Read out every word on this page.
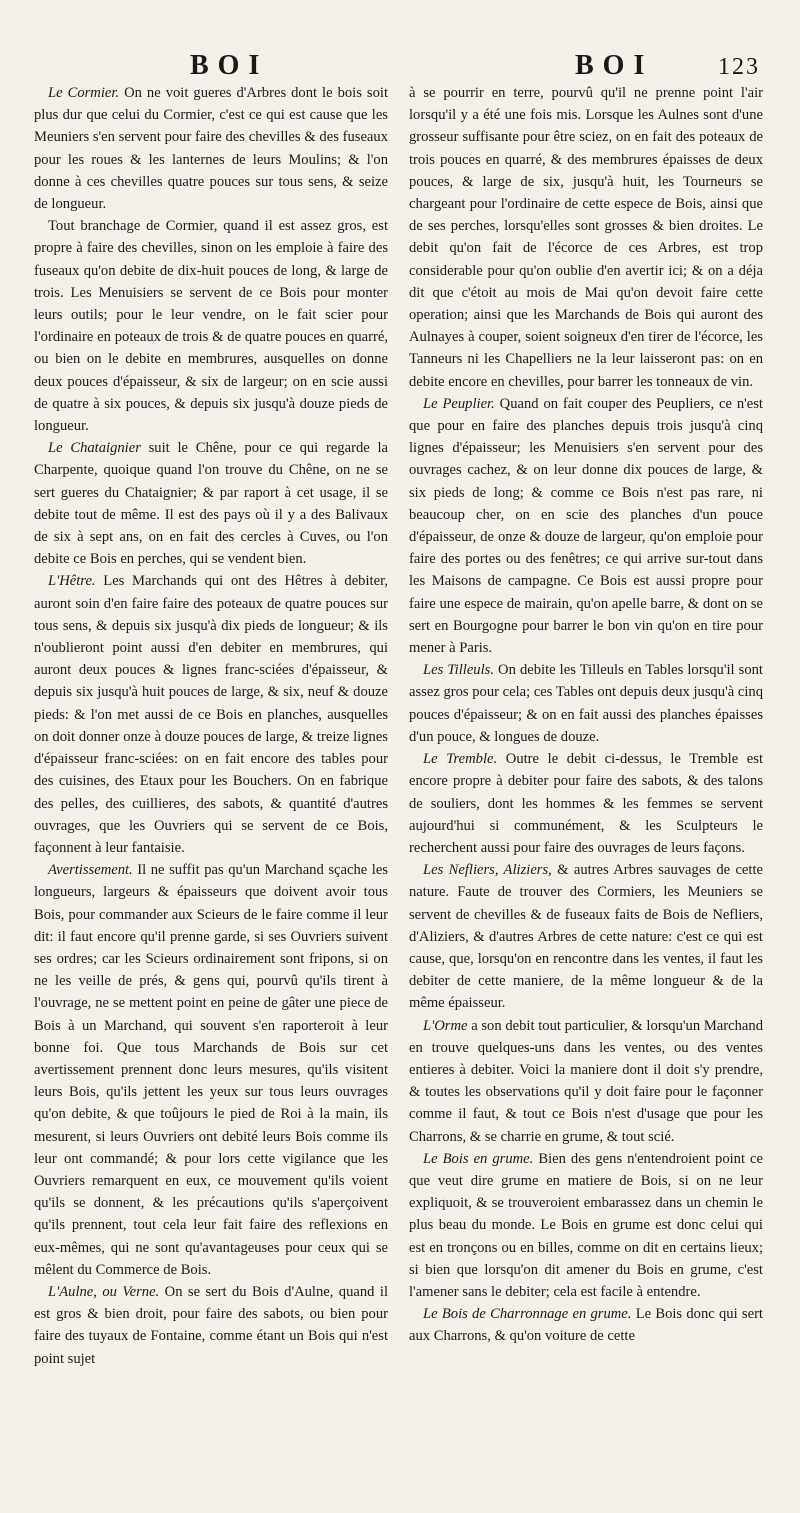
BOI	BOI	123

Le Cormier. On ne voit gueres d'Arbres dont le bois soit plus dur que celui du Cormier, c'est ce qui est cause que les Meuniers s'en servent pour faire des chevilles & des fuseaux pour les roues & les lanternes de leurs Moulins; & l'on donne à ces chevilles quatre pouces sur tous sens, & seize de longueur.

Tout branchage de Cormier, quand il est assez gros, est propre à faire des chevilles, sinon on les emploie à faire des fuseaux qu'on debite de dix-huit pouces de long, & large de trois. Les Menuisiers se servent de ce Bois pour monter leurs outils; pour le leur vendre, on le fait scier pour l'ordinaire en poteaux de trois & de quatre pouces en quarré, ou bien on le debite en membrures, ausquelles on donne deux pouces d'épaisseur, & six de largeur; on en scie aussi de quatre à six pouces, & depuis six jusqu'à douze pieds de longueur.

Le Chataignier suit le Chêne, pour ce qui regarde la Charpente, quoique quand l'on trouve du Chêne, on ne se sert gueres du Chataignier; & par raport à cet usage, il se debite tout de même. Il est des pays où il y a des Balivaux de six à sept ans, on en fait des cercles à Cuves, ou l'on debite ce Bois en perches, qui se vendent bien.

L'Hêtre. Les Marchands qui ont des Hêtres à debiter, auront soin d'en faire faire des poteaux de quatre pouces sur tous sens, & depuis six jusqu'à dix pieds de longueur; & ils n'oublieront point aussi d'en debiter en membrures, qui auront deux pouces & lignes franc-sciées d'épaisseur, & depuis six jusqu'à huit pouces de large, & six, neuf & douze pieds: & l'on met aussi de ce Bois en planches, ausquelles on doit donner onze à douze pouces de large, & treize lignes d'épaisseur franc-sciées: on en fait encore des tables pour des cuisines, des Etaux pour les Bouchers. On en fabrique des pelles, des cuillieres, des sabots, & quantité d'autres ouvrages, que les Ouvriers qui se servent de ce Bois, façonnent à leur fantaisie.

Avertissement. Il ne suffit pas qu'un Marchand sçache les longueurs, largeurs & épaisseurs que doivent avoir tous Bois, pour commander aux Scieurs de le faire comme il leur dit: il faut encore qu'il prenne garde, si ses Ouvriers suivent ses ordres; car les Scieurs ordinairement sont fripons, si on ne les veille de prés, & gens qui, pourvû qu'ils tirent à l'ouvrage, ne se mettent point en peine de gâter une piece de Bois à un Marchand, qui souvent s'en raporteroit à leur bonne foi. Que tous Marchands de Bois sur cet avertissement prennent donc leurs mesures, qu'ils visitent leurs Bois, qu'ils jettent les yeux sur tous leurs ouvrages qu'on debite, & que toûjours le pied de Roi à la main, ils mesurent, si leurs Ouvriers ont debité leurs Bois comme ils leur ont commandé; & pour lors cette vigilance que les Ouvriers remarquent en eux, ce mouvement qu'ils voient qu'ils se donnent, & les précautions qu'ils s'aperçoivent qu'ils prennent, tout cela leur fait faire des reflexions en eux-mêmes, qui ne sont qu'avantageuses pour ceux qui se mêlent du Commerce de Bois.

L'Aulne, ou Verne. On se sert du Bois d'Aulne, quand il est gros & bien droit, pour faire des sabots, ou bien pour faire des tuyaux de Fontaine, comme étant un Bois qui n'est point sujet

à se pourrir en terre, pourvû qu'il ne prenne point l'air lorsqu'il y a été une fois mis. Lorsque les Aulnes sont d'une grosseur suffisante pour être sciez, on en fait des poteaux de trois pouces en quarré, & des membrures épaisses de deux pouces, & large de six, jusqu'à huit, les Tourneurs se chargeant pour l'ordinaire de cette espece de Bois, ainsi que de ses perches, lorsqu'elles sont grosses & bien droites. Le debit qu'on fait de l'écorce de ces Arbres, est trop considerable pour qu'on oublie d'en avertir ici; & on a déja dit que c'étoit au mois de Mai qu'on devoit faire cette operation; ainsi que les Marchands de Bois qui auront des Aulnayes à couper, soient soigneux d'en tirer de l'écorce, les Tanneurs ni les Chapelliers ne la leur laisseront pas: on en debite encore en chevilles, pour barrer les tonneaux de vin.

Le Peuplier. Quand on fait couper des Peupliers, ce n'est que pour en faire des planches depuis trois jusqu'à cinq lignes d'épaisseur; les Menuisiers s'en servent pour des ouvrages cachez, & on leur donne dix pouces de large, & six pieds de long; & comme ce Bois n'est pas rare, ni beaucoup cher, on en scie des planches d'un pouce d'épaisseur, de onze & douze de largeur, qu'on emploie pour faire des portes ou des fenêtres; ce qui arrive sur-tout dans les Maisons de campagne. Ce Bois est aussi propre pour faire une espece de mairain, qu'on apelle barre, & dont on se sert en Bourgogne pour barrer le bon vin qu'on en tire pour mener à Paris.

Les Tilleuls. On debite les Tilleuls en Tables lorsqu'il sont assez gros pour cela; ces Tables ont depuis deux jusqu'à cinq pouces d'épaisseur; & on en fait aussi des planches épaisses d'un pouce, & longues de douze.

Le Tremble. Outre le debit ci-dessus, le Tremble est encore propre à debiter pour faire des sabots, & des talons de souliers, dont les hommes & les femmes se servent aujourd'hui si communément, & les Sculpteurs le recherchent aussi pour faire des ouvrages de leurs façons.

Les Nefliers, Aliziers, & autres Arbres sauvages de cette nature. Faute de trouver des Cormiers, les Meuniers se servent de chevilles & de fuseaux faits de Bois de Nefliers, d'Aliziers, & d'autres Arbres de cette nature: c'est ce qui est cause, que, lorsqu'on en rencontre dans les ventes, il faut les debiter de cette maniere, de la même longueur & de la même épaisseur.

L'Orme a son debit tout particulier, & lorsqu'un Marchand en trouve quelques-uns dans les ventes, ou des ventes entieres à debiter. Voici la maniere dont il doit s'y prendre, & toutes les observations qu'il y doit faire pour le façonner comme il faut, & tout ce Bois n'est d'usage que pour les Charrons, & se charrie en grume, & tout scié.

Le Bois en grume. Bien des gens n'entendroient point ce que veut dire grume en matiere de Bois, si on ne leur expliquoit, & se trouveroient embarassez dans un chemin le plus beau du monde. Le Bois en grume est donc celui qui est en tronçons ou en billes, comme on dit en certains lieux; si bien que lorsqu'on dit amener du Bois en grume, c'est l'amener sans le debiter; cela est facile à entendre.

Le Bois de Charronnage en grume. Le Bois donc qui sert aux Charrons, & qu'on voiture de cette
